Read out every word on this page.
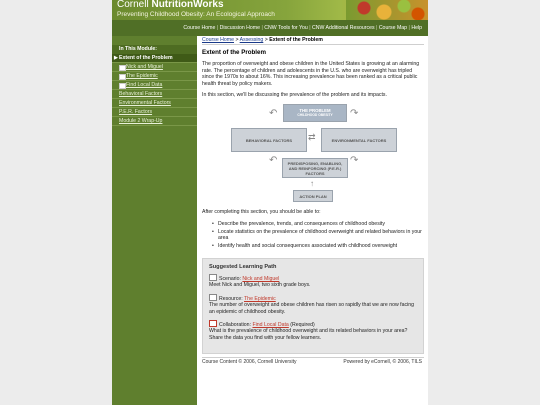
Cornell NutritionWorks
Preventing Childhood Obesity: An Ecological Approach
Course Home | Discussion Home | CNW Tools for You | CNW Additional Resources | Course Map | Help
In This Module:
▶ Extent of the Problem
Nick and Miguel
The Epidemic
Find Local Data
Behavioral Factors
Environmental Factors
P.E.R. Factors
Module 2 Wrap-Up
Course Home > Assessing > Extent of the Problem
Extent of the Problem

The proportion of overweight and obese children in the United States is growing at an alarming rate. The percentage of children and adolescents in the U.S. who are overweight has tripled since the 1970s to about 16%. This increasing prevalence has been ranked as a critical public health threat by policy makers.

In this section, we'll be discussing the prevalence of the problem and its impacts.

THE PROBLEM
CHILDHOOD OBESITY
↶	↷
BEHAVIORAL FACTORS	⇄	ENVIRONMENTAL FACTORS
↶	↷
PREDISPOSING, ENABLING, AND REINFORCING (P.E.R.) FACTORS
↑
ACTION PLAN

After completing this section, you should be able to:

• Describe the prevalence, trends, and consequences of childhood obesity
• Locate statistics on the prevalence of childhood overweight and related behaviors in your area
• Identify health and social consequences associated with childhood overweight
Suggested Learning Path
Scenario: Nick and Miguel
Meet Nick and Miguel, two sixth grade boys.
Resource: The Epidemic
The number of overweight and obese children has risen so rapidly that we are now facing an epidemic of childhood obesity.
Collaboration: Find Local Data (Required)
What is the prevalence of childhood overweight and its related behaviors in your area? Share the data you find with your fellow learners.
Course Content © 2006, Cornell University	Powered by eCornell, © 2006, TILS
